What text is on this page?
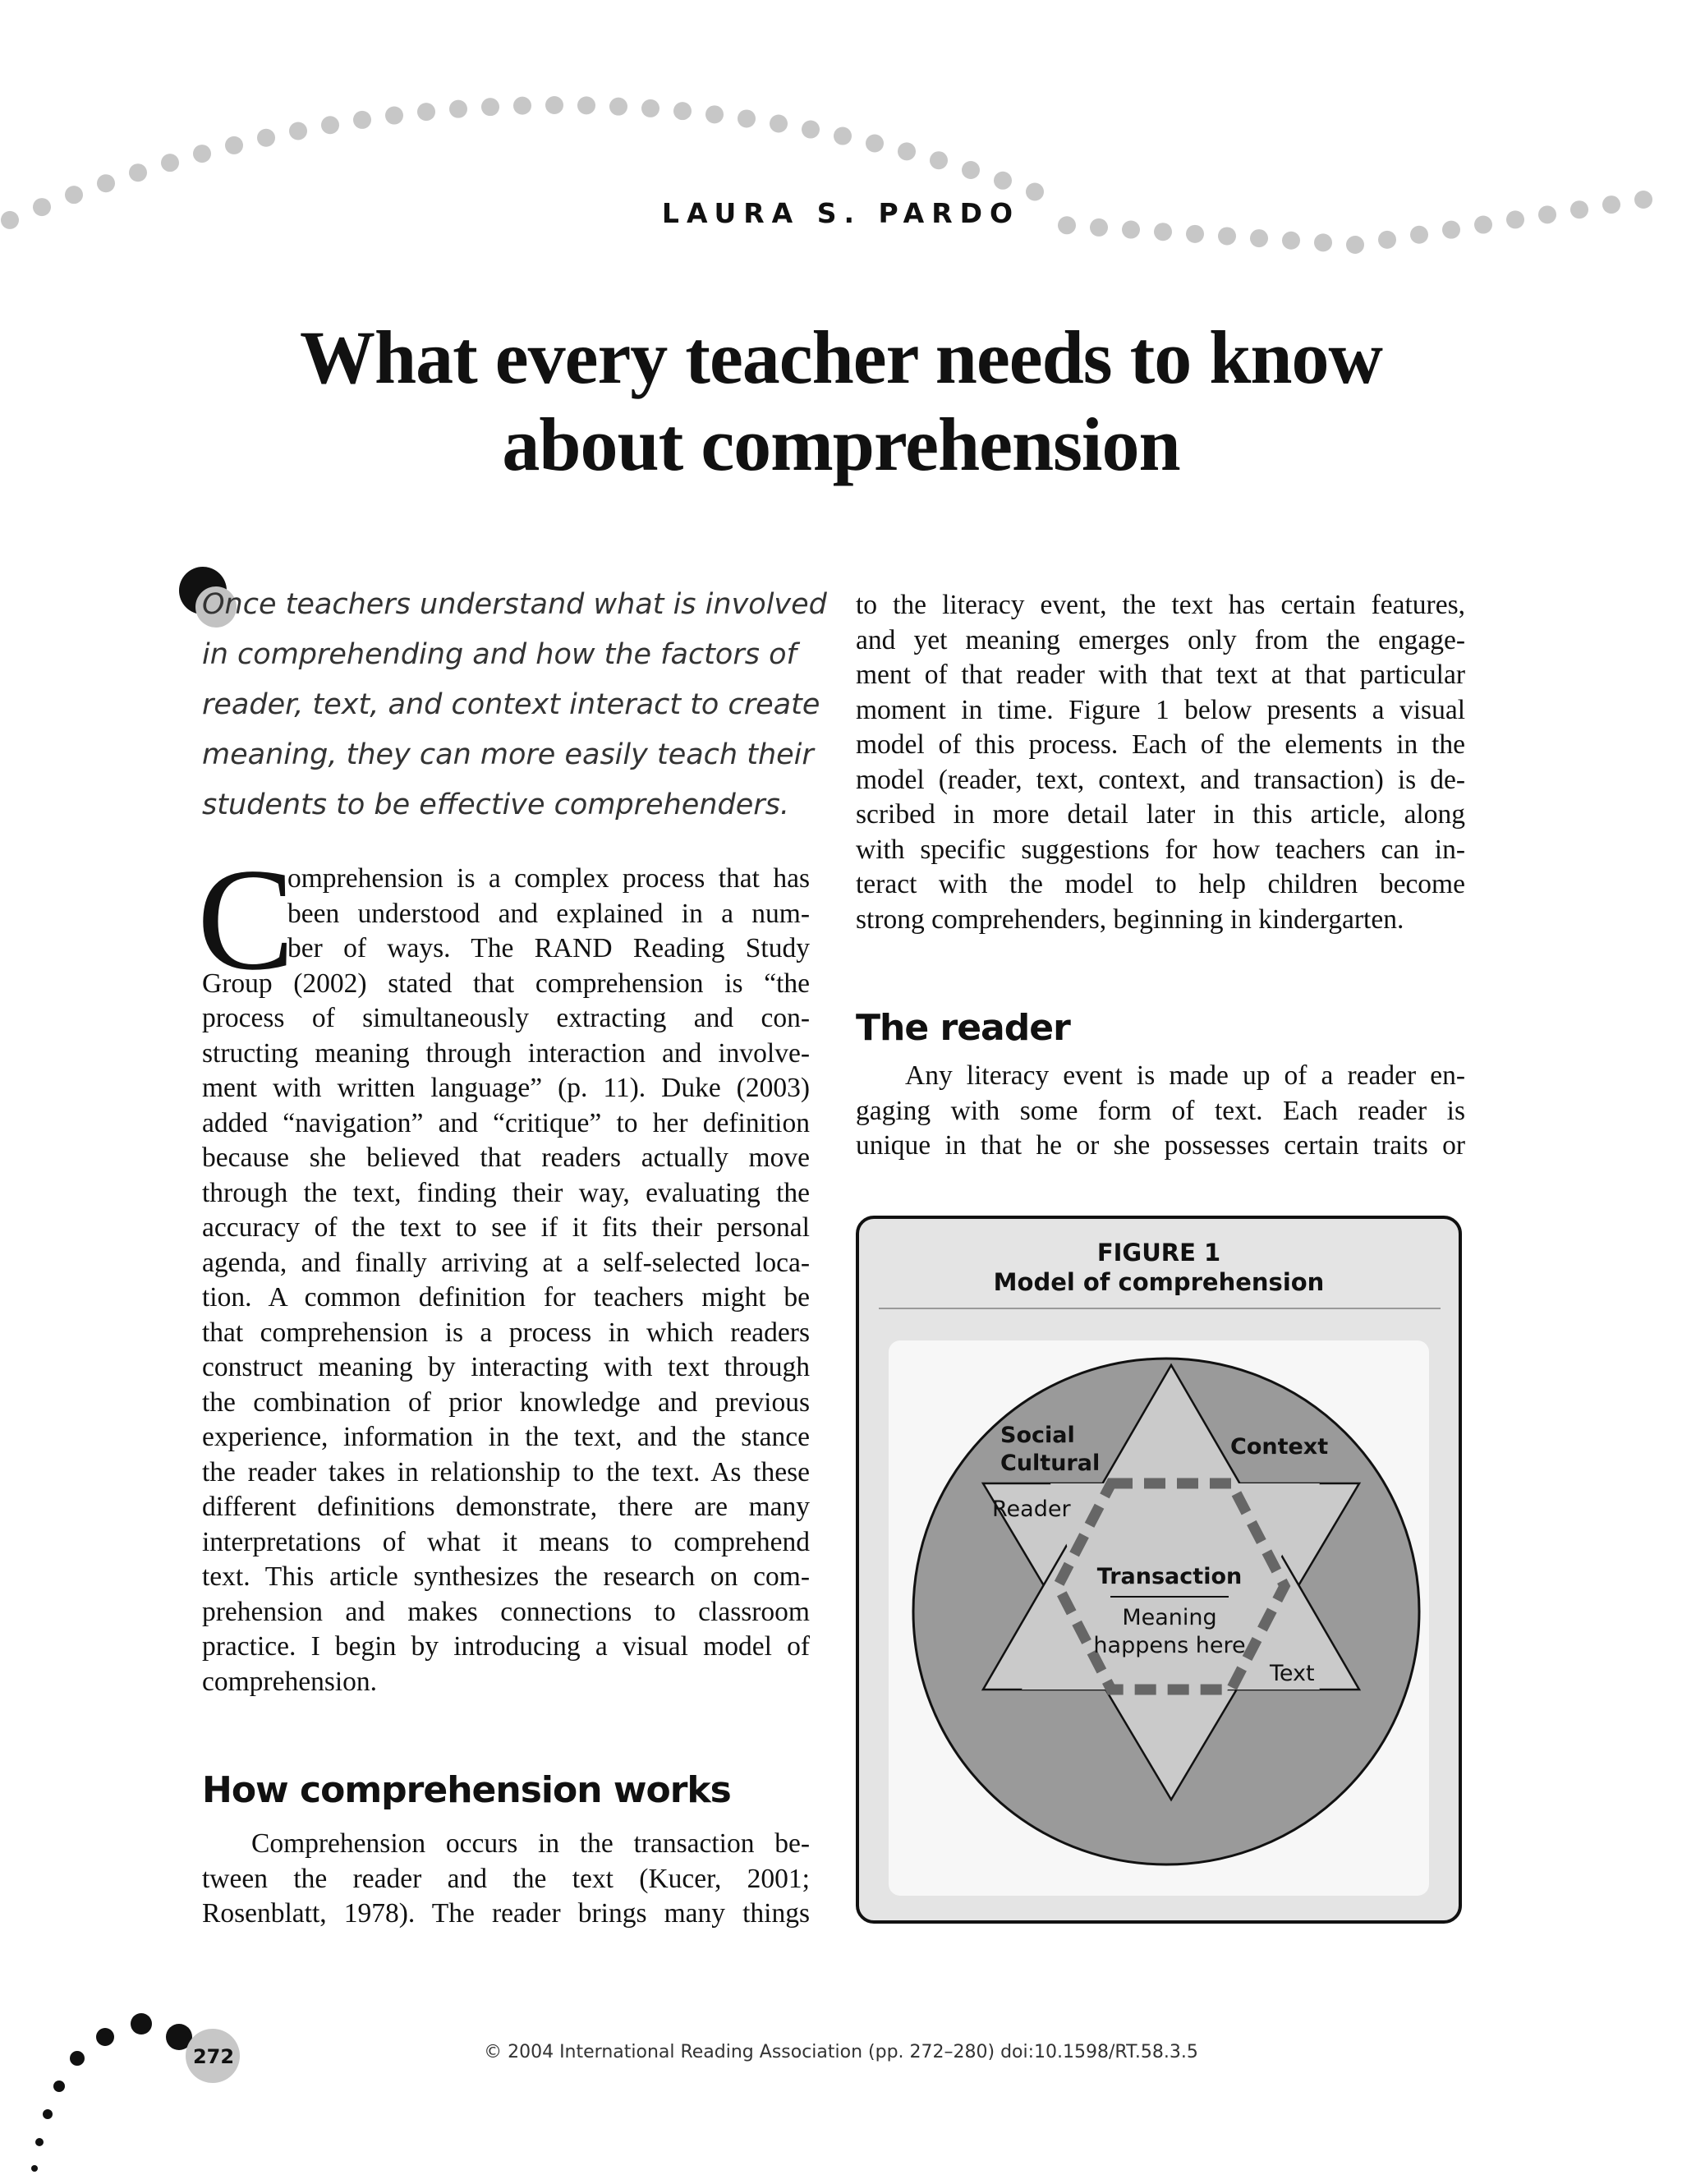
LAURA S. PARDO
What every teacher needs to know
about comprehension
Once teachers understand what is involved
in comprehending and how the factors of
reader, text, and context interact to create
meaning, they can more easily teach their
students to be effective comprehenders.
C
omprehension is a complex process that has
been understood and explained in a num-
ber of ways. The RAND Reading Study
Group (2002) stated that comprehension is “the
process of simultaneously extracting and con-
structing meaning through interaction and involve-
ment with written language” (p. 11). Duke (2003)
added “navigation” and “critique” to her definition
because she believed that readers actually move
through the text, finding their way, evaluating the
accuracy of the text to see if it fits their personal
agenda, and finally arriving at a self-selected loca-
tion. A common definition for teachers might be
that comprehension is a process in which readers
construct meaning by interacting with text through
the combination of prior knowledge and previous
experience, information in the text, and the stance
the reader takes in relationship to the text. As these
different definitions demonstrate, there are many
interpretations of what it means to comprehend
text. This article synthesizes the research on com-
prehension and makes connections to classroom
practice. I begin by introducing a visual model of
comprehension.
How comprehension works
Comprehension occurs in the transaction be-
tween the reader and the text (Kucer, 2001;
Rosenblatt, 1978). The reader brings many things
to the literacy event, the text has certain features,
and yet meaning emerges only from the engage-
ment of that reader with that text at that particular
moment in time. Figure 1 below presents a visual
model of this process. Each of the elements in the
model (reader, text, context, and transaction) is de-
scribed in more detail later in this article, along
with specific suggestions for how teachers can in-
teract with the model to help children become
strong comprehenders, beginning in kindergarten.
The reader
Any literacy event is made up of a reader en-
gaging with some form of text. Each reader is
unique in that he or she possesses certain traits or
FIGURE 1
Model of comprehension
Social
Cultural
Context
Reader
Transaction
Meaning
happens here
Text
272	© 2004 International Reading Association (pp. 272–280) doi:10.1598/RT.58.3.5
